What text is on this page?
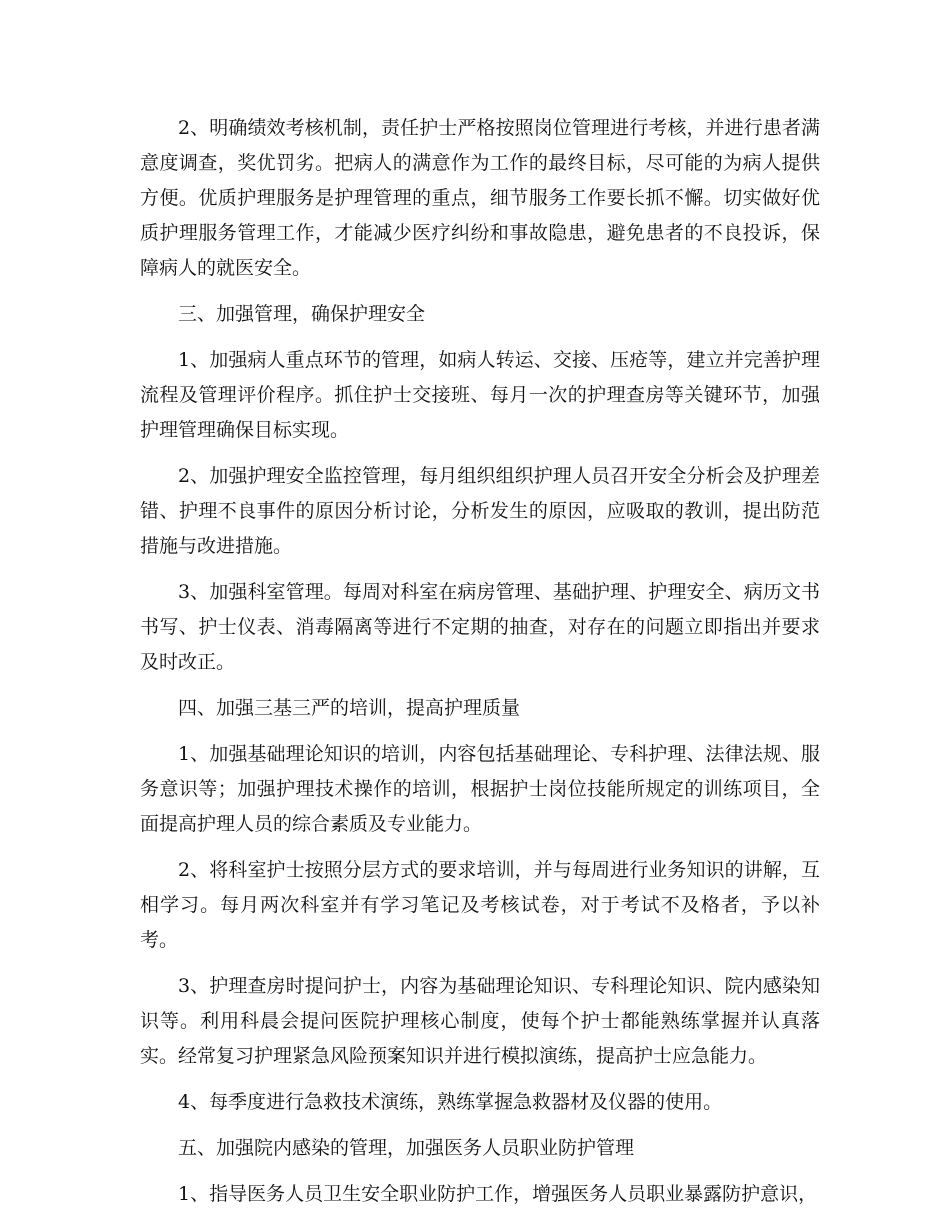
2、明确绩效考核机制，责任护士严格按照岗位管理进行考核，并进行患者满意度调查，奖优罚劣。把病人的满意作为工作的最终目标，尽可能的为病人提供方便。优质护理服务是护理管理的重点，细节服务工作要长抓不懈。切实做好优质护理服务管理工作，才能减少医疗纠纷和事故隐患，避免患者的不良投诉，保障病人的就医安全。

三、加强管理，确保护理安全

1、加强病人重点环节的管理，如病人转运、交接、压疮等，建立并完善护理流程及管理评价程序。抓住护士交接班、每月一次的护理查房等关键环节，加强护理管理确保目标实现。

2、加强护理安全监控管理，每月组织组织护理人员召开安全分析会及护理差错、护理不良事件的原因分析讨论，分析发生的原因，应吸取的教训，提出防范措施与改进措施。

3、加强科室管理。每周对科室在病房管理、基础护理、护理安全、病历文书书写、护士仪表、消毒隔离等进行不定期的抽查，对存在的问题立即指出并要求及时改正。

四、加强三基三严的培训，提高护理质量

1、加强基础理论知识的培训，内容包括基础理论、专科护理、法律法规、服务意识等；加强护理技术操作的培训，根据护士岗位技能所规定的训练项目，全面提高护理人员的综合素质及专业能力。

2、将科室护士按照分层方式的要求培训，并与每周进行业务知识的讲解，互相学习。每月两次科室并有学习笔记及考核试卷，对于考试不及格者，予以补考。

3、护理查房时提问护士，内容为基础理论知识、专科理论知识、院内感染知识等。利用科晨会提问医院护理核心制度，使每个护士都能熟练掌握并认真落实。经常复习护理紧急风险预案知识并进行模拟演练，提高护士应急能力。

4、每季度进行急救技术演练，熟练掌握急救器材及仪器的使用。

五、加强院内感染的管理，加强医务人员职业防护管理

1、指导医务人员卫生安全职业防护工作，增强医务人员职业暴露防护意识，
